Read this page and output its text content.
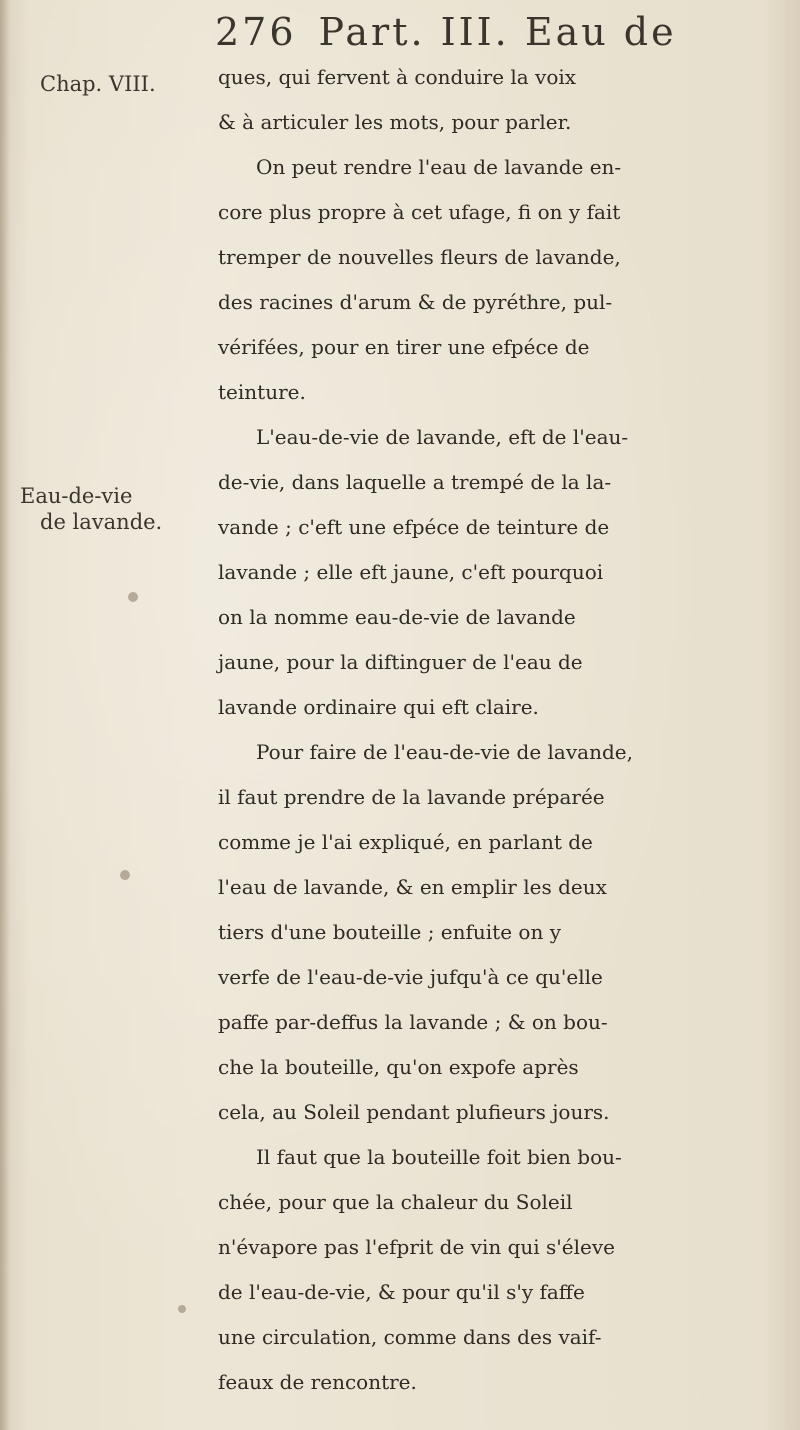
276 Part. III. Eau de
Chap. VIII.
Eau-de-vie
de lavande.
ques, qui fervent à conduire la voix
& à articuler les mots, pour parler.
On peut rendre l'eau de lavande en-
core plus propre à cet ufage, fi on y fait
tremper de nouvelles fleurs de lavande,
des racines d'arum & de pyréthre, pul-
vérifées, pour en tirer une efpéce de
teinture.
L'eau-de-vie de lavande, eft de l'eau-
de-vie, dans laquelle a trempé de la la-
vande ; c'eft une efpéce de teinture de
lavande ; elle eft jaune, c'eft pourquoi
on la nomme eau-de-vie de lavande
jaune, pour la diftinguer de l'eau de
lavande ordinaire qui eft claire.
Pour faire de l'eau-de-vie de lavande,
il faut prendre de la lavande préparée
comme je l'ai expliqué, en parlant de
l'eau de lavande, & en emplir les deux
tiers d'une bouteille ; enfuite on y
verfe de l'eau-de-vie jufqu'à ce qu'elle
paffe par-deffus la lavande ; & on bou-
che la bouteille, qu'on expofe après
cela, au Soleil pendant plufieurs jours.
Il faut que la bouteille foit bien bou-
chée, pour que la chaleur du Soleil
n'évapore pas l'efprit de vin qui s'éleve
de l'eau-de-vie, & pour qu'il s'y faffe
une circulation, comme dans des vaif-
feaux de rencontre.
